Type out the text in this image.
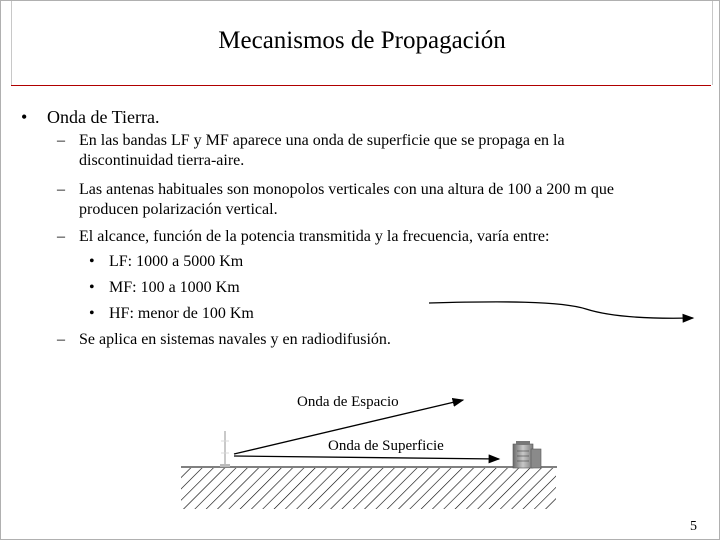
Mecanismos de Propagación
• Onda de Tierra.
– En las bandas LF y MF aparece una onda de superficie que se propaga en la
discontinuidad tierra-aire.
– Las antenas habituales son monopolos verticales con una altura de 100 a 200 m que
producen polarización vertical.
– El alcance, función de la potencia transmitida y la frecuencia, varía entre:
• LF: 1000 a 5000 Km
• MF: 100 a 1000 Km
• HF: menor de 100 Km
– Se aplica en sistemas navales y en radiodifusión.
Onda de Espacio
Onda de Superficie
5
